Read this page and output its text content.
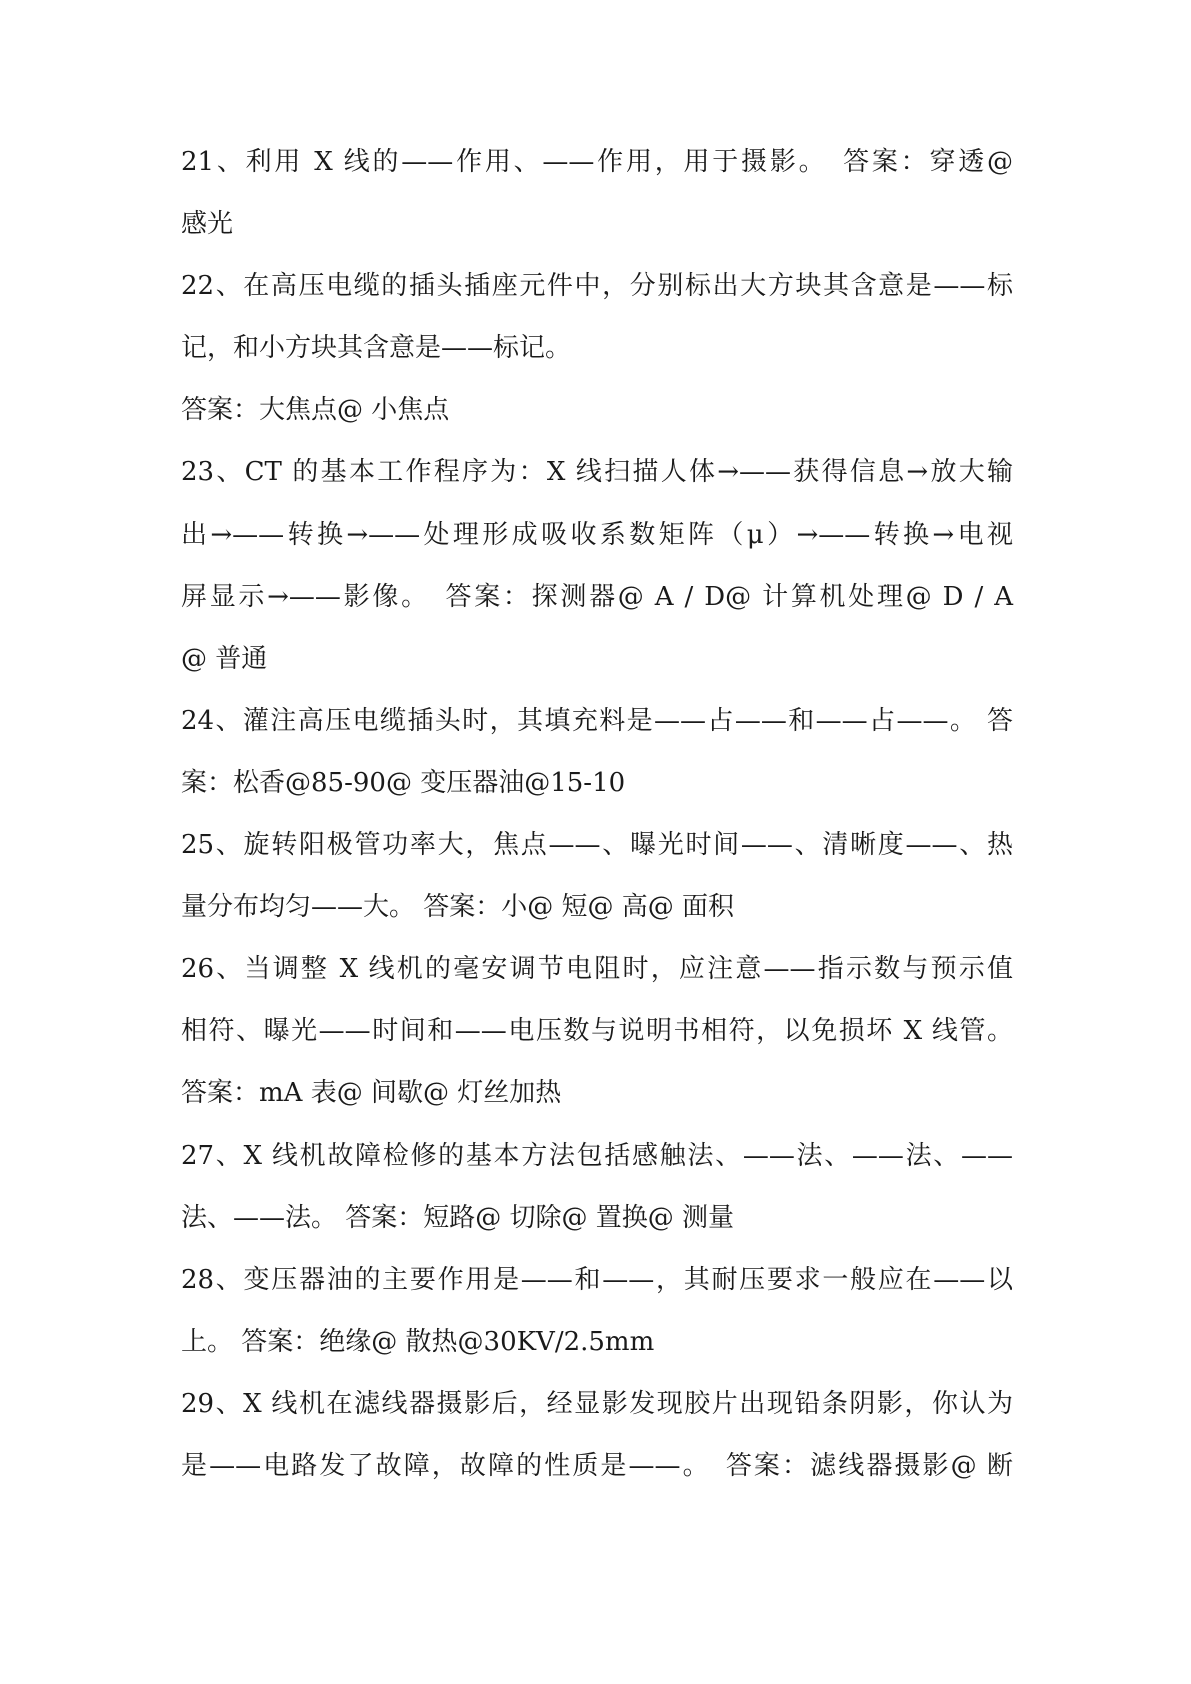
21、利用 X 线的——作用、——作用，用于摄影。　答案：穿透@
感光
22、在高压电缆的插头插座元件中，分别标出大方块其含意是——标
记，和小方块其含意是——标记。
答案：大焦点@ 小焦点
23、CT 的基本工作程序为：X 线扫描人体→——获得信息→放大输
出→——转换→——处理形成吸收系数矩阵（μ）→——转换→电视
屏显示→——影像。　答案：探测器@ A / D@ 计算机处理@ D / A
@ 普通
24、灌注高压电缆插头时，其填充料是——占——和——占——。 答
案：松香@85-90@ 变压器油@15-10
25、旋转阳极管功率大，焦点——、曝光时间——、清晰度——、热
量分布均匀——大。 答案：小@ 短@ 高@ 面积
26、当调整 X 线机的毫安调节电阻时，应注意——指示数与预示值
相符、曝光——时间和——电压数与说明书相符，以免损坏 X 线管。
答案：mA 表@ 间歇@ 灯丝加热
27、X 线机故障检修的基本方法包括感触法、——法、——法、——
法、——法。 答案：短路@ 切除@ 置换@ 测量
28、变压器油的主要作用是——和——，其耐压要求一般应在——以
上。 答案：绝缘@ 散热@30KV/2.5mm
29、X 线机在滤线器摄影后，经显影发现胶片出现铅条阴影，你认为
是——电路发了故障，故障的性质是——。　答案：滤线器摄影@ 断
